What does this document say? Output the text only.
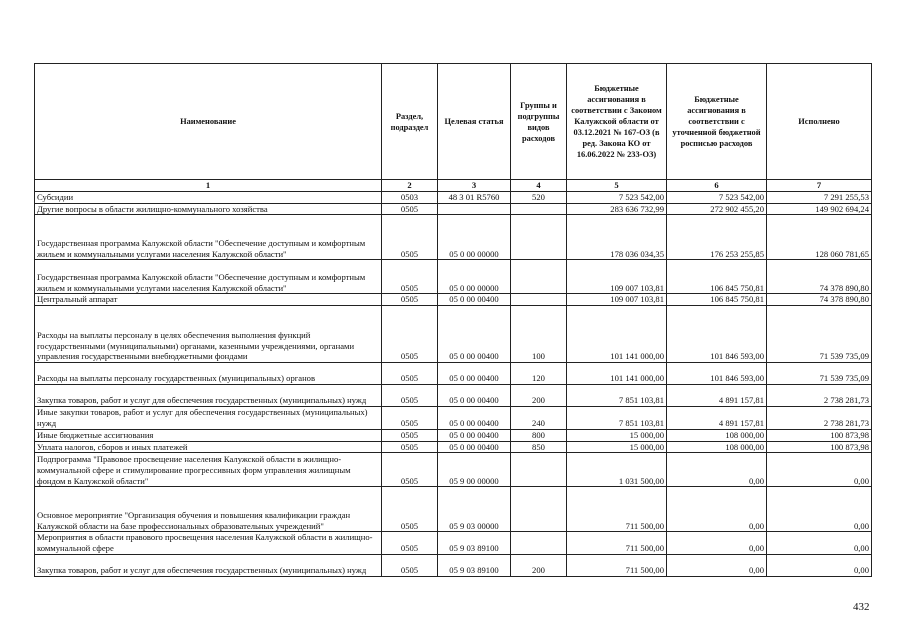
Наименование	Раздел, подраздел	Целевая статья	Группы и подгруппы видов расходов	Бюджетные ассигнования в соответствии с Законом Калужской области от 03.12.2021 № 167-ОЗ (в ред. Закона КО от 16.06.2022 № 233-ОЗ)	Бюджетные ассигнования в соответствии с уточненной бюджетной росписью расходов	Исполнено
1	2	3	4	5	6	7
Субсидии	0503	48 3 01 R5760	520	7 523 542,00	7 523 542,00	7 291 255,53
Другие вопросы в области жилищно-коммунального хозяйства	0505			283 636 732,99	272 902 455,20	149 902 694,24
Государственная программа Калужской области "Обеспечение доступным и комфортным жильем и коммунальными услугами населения Калужской области"	0505	05 0 00 00000		178 036 034,35	176 253 255,85	128 060 781,65
Государственная программа Калужской области "Обеспечение доступным и комфортным жильем и коммунальными услугами населения Калужской области"	0505	05 0 00 00000		109 007 103,81	106 845 750,81	74 378 890,80
Центральный аппарат	0505	05 0 00 00400		109 007 103,81	106 845 750,81	74 378 890,80
Расходы на выплаты персоналу в целях обеспечения выполнения функций государственными (муниципальными) органами, казенными учреждениями, органами управления государственными внебюджетными фондами	0505	05 0 00 00400	100	101 141 000,00	101 846 593,00	71 539 735,09
Расходы на выплаты персоналу государственных (муниципальных) органов	0505	05 0 00 00400	120	101 141 000,00	101 846 593,00	71 539 735,09
Закупка товаров, работ и услуг для обеспечения государственных (муниципальных) нужд	0505	05 0 00 00400	200	7 851 103,81	4 891 157,81	2 738 281,73
Иные закупки товаров, работ и услуг для обеспечения государственных (муниципальных) нужд	0505	05 0 00 00400	240	7 851 103,81	4 891 157,81	2 738 281,73
Иные бюджетные ассигнования	0505	05 0 00 00400	800	15 000,00	108 000,00	100 873,98
Уплата налогов, сборов и иных платежей	0505	05 0 00 00400	850	15 000,00	108 000,00	100 873,98
Подпрограмма "Правовое просвещение населения Калужской области в жилищно-коммунальной сфере и стимулирование прогрессивных форм управления жилищным фондом в Калужской области"	0505	05 9 00 00000		1 031 500,00	0,00	0,00
Основное мероприятие "Организация обучения и повышения квалификации граждан Калужской области на базе профессиональных образовательных учреждений"	0505	05 9 03 00000		711 500,00	0,00	0,00
Мероприятия в области правового просвещения населения Калужской области в жилищно-коммунальной сфере	0505	05 9 03 89100		711 500,00	0,00	0,00
Закупка товаров, работ и услуг для обеспечения государственных (муниципальных) нужд	0505	05 9 03 89100	200	711 500,00	0,00	0,00
432
